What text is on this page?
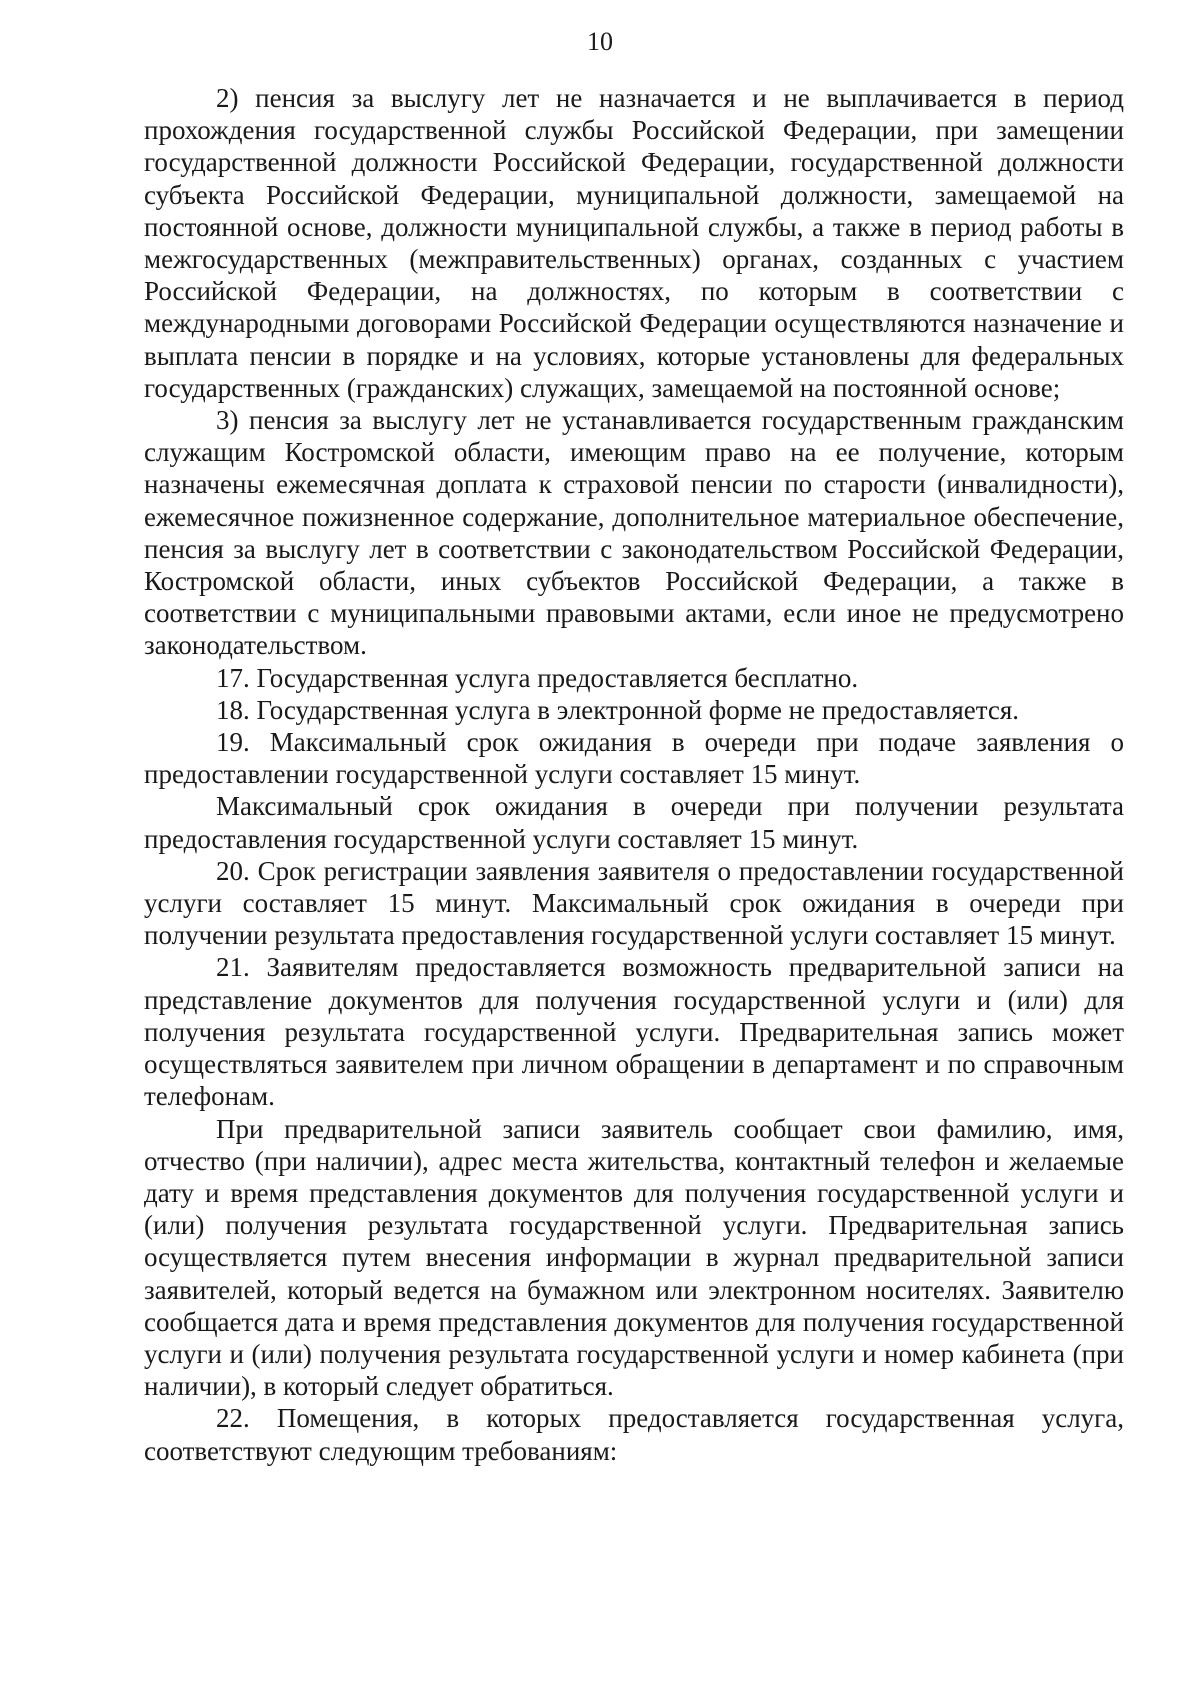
10

2) пенсия за выслугу лет не назначается и не выплачивается в период прохождения государственной службы Российской Федерации, при замещении государственной должности Российской Федерации, государственной должности субъекта Российской Федерации, муниципальной должности, замещаемой на постоянной основе, должности муниципальной службы, а также в период работы в межгосударственных (межправительственных) органах, созданных с участием Российской Федерации, на должностях, по которым в соответствии с международными договорами Российской Федерации осуществляются назначение и выплата пенсии в порядке и на условиях, которые установлены для федеральных государственных (гражданских) служащих, замещаемой на постоянной основе;

3) пенсия за выслугу лет не устанавливается государственным гражданским служащим Костромской области, имеющим право на ее получение, которым назначены ежемесячная доплата к страховой пенсии по старости (инвалидности), ежемесячное пожизненное содержание, дополнительное материальное обеспечение, пенсия за выслугу лет в соответствии с законодательством Российской Федерации, Костромской области, иных субъектов Российской Федерации, а также в соответствии с муниципальными правовыми актами, если иное не предусмотрено законодательством.

17. Государственная услуга предоставляется бесплатно.

18. Государственная услуга в электронной форме не предоставляется.

19. Максимальный срок ожидания в очереди при подаче заявления о предоставлении государственной услуги составляет 15 минут.

Максимальный срок ожидания в очереди при получении результата предоставления государственной услуги составляет 15 минут.

20. Срок регистрации заявления заявителя о предоставлении государственной услуги составляет 15 минут. Максимальный срок ожидания в очереди при получении результата предоставления государственной услуги составляет 15 минут.

21. Заявителям предоставляется возможность предварительной записи на представление документов для получения государственной услуги и (или) для получения результата государственной услуги. Предварительная запись может осуществляться заявителем при личном обращении в департамент и по справочным телефонам.

При предварительной записи заявитель сообщает свои фамилию, имя, отчество (при наличии), адрес места жительства, контактный телефон и желаемые дату и время представления документов для получения государственной услуги и (или) получения результата государственной услуги. Предварительная запись осуществляется путем внесения информации в журнал предварительной записи заявителей, который ведется на бумажном или электронном носителях. Заявителю сообщается дата и время представления документов для получения государственной услуги и (или) получения результата государственной услуги и номер кабинета (при наличии), в который следует обратиться.

22. Помещения, в которых предоставляется государственная услуга, соответствуют следующим требованиям:
